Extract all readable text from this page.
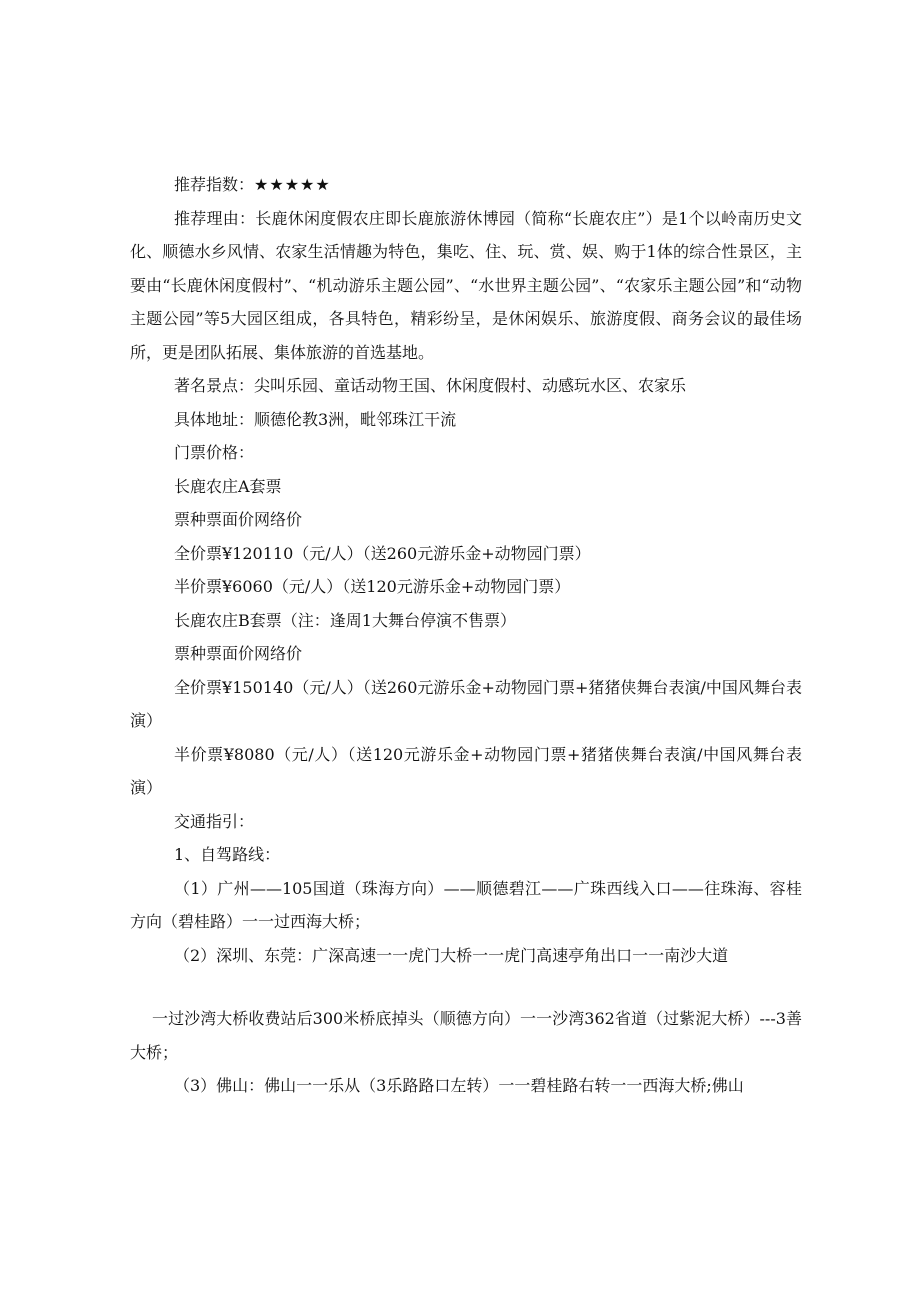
推荐指数：★★★★★

推荐理由：长鹿休闲度假农庄即长鹿旅游休博园（简称“长鹿农庄”）是1个以岭南历史文化、顺德水乡风情、农家生活情趣为特色，集吃、住、玩、赏、娱、购于1体的综合性景区，主要由“长鹿休闲度假村”、“机动游乐主题公园”、“水世界主题公园”、“农家乐主题公园”和“动物主题公园”等5大园区组成，各具特色，精彩纷呈，是休闲娱乐、旅游度假、商务会议的最佳场所，更是团队拓展、集体旅游的首选基地。

著名景点：尖叫乐园、童话动物王国、休闲度假村、动感玩水区、农家乐

具体地址：顺德伦教3洲，毗邻珠江干流

门票价格：

长鹿农庄A套票

票种票面价网络价

全价票¥120110（元/人）（送260元游乐金+动物园门票）

半价票¥6060（元/人）（送120元游乐金+动物园门票）

长鹿农庄B套票（注：逢周1大舞台停演不售票）

票种票面价网络价

全价票¥150140（元/人）（送260元游乐金+动物园门票+猪猪侠舞台表演/中国风舞台表演）

半价票¥8080（元/人）（送120元游乐金+动物园门票+猪猪侠舞台表演/中国风舞台表演）

交通指引：

1、自驾路线：

（1）广州——105国道（珠海方向）——顺德碧江——广珠西线入口——往珠海、容桂方向（碧桂路）一一过西海大桥；

（2）深圳、东莞：广深高速一一虎门大桥一一虎门高速亭角出口一一南沙大道

一过沙湾大桥收费站后300米桥底掉头（顺德方向）一一沙湾362省道（过紫泥大桥）---3善大桥；

（3）佛山：佛山一一乐从（3乐路路口左转）一一碧桂路右转一一西海大桥;佛山
